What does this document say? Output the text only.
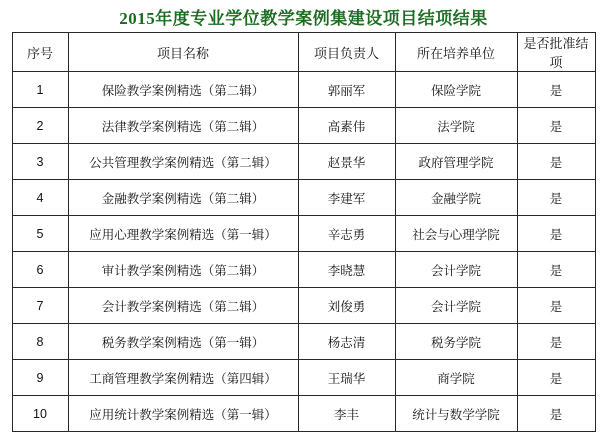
2015年度专业学位教学案例集建设项目结项结果
序号	项目名称	项目负责人	所在培养单位	是否批准结项
1	保险教学案例精选（第二辑）	郭丽军	保险学院	是
2	法律教学案例精选（第二辑）	高素伟	法学院	是
3	公共管理教学案例精选（第二辑）	赵景华	政府管理学院	是
4	金融教学案例精选（第二辑）	李建军	金融学院	是
5	应用心理教学案例精选（第一辑）	辛志勇	社会与心理学院	是
6	审计教学案例精选（第二辑）	李晓慧	会计学院	是
7	会计教学案例精选（第二辑）	刘俊勇	会计学院	是
8	税务教学案例精选（第一辑）	杨志清	税务学院	是
9	工商管理教学案例精选（第四辑）	王瑞华	商学院	是
10	应用统计教学案例精选（第一辑）	李丰	统计与数学学院	是
